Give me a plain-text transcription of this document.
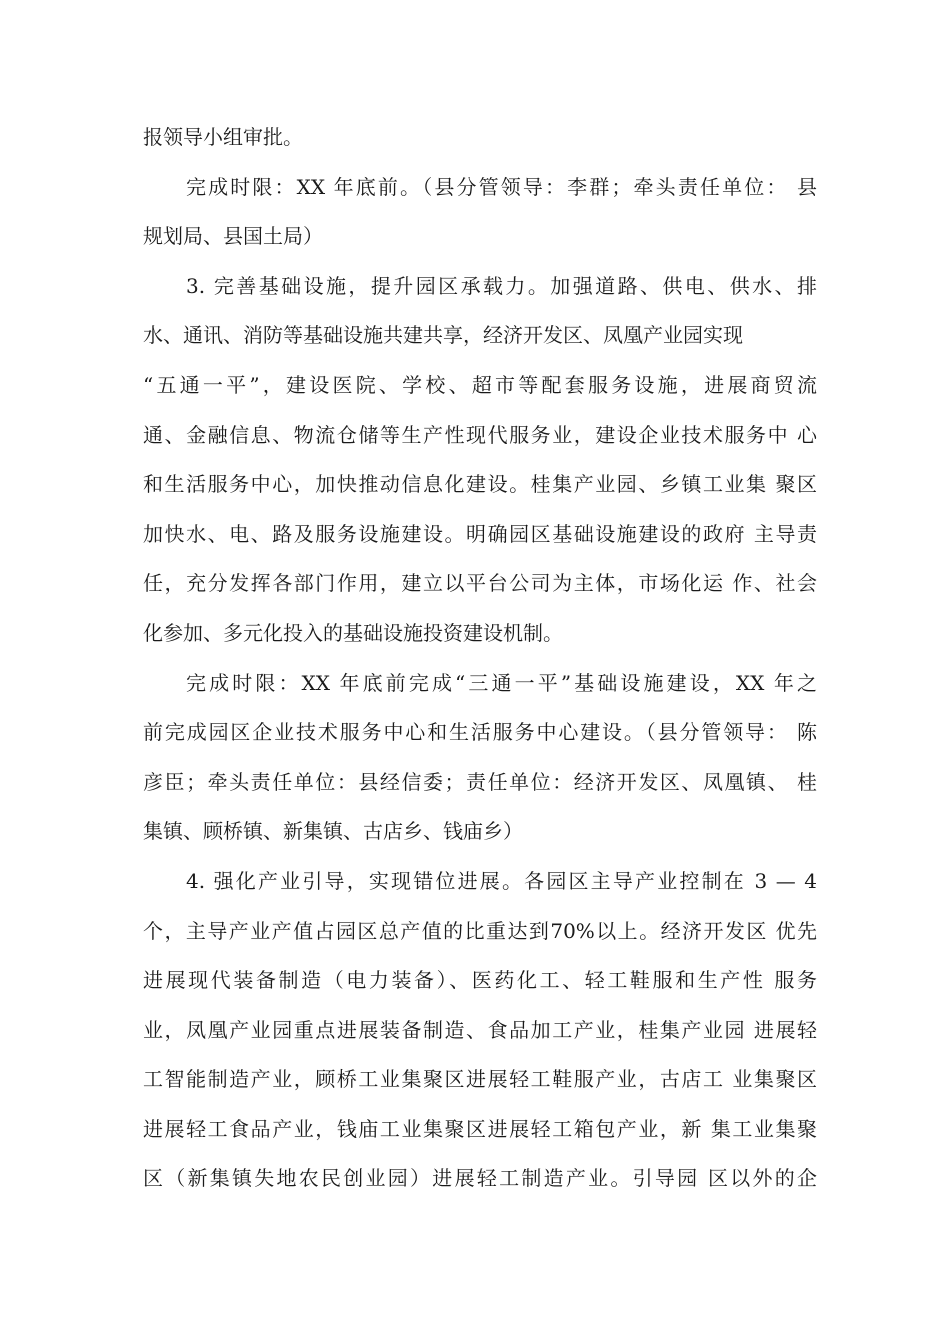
报领导小组审批。
完成时限：XX 年底前。（县分管领导：李群；牵头责任单位： 县
规划局、县国土局）
3. 完善基础设施，提升园区承载力。加强道路、供电、供水、排
水、通讯、消防等基础设施共建共享，经济开发区、凤凰产业园实现
“五通一平”，建设医院、学校、超市等配套服务设施，进展商贸流
通、金融信息、物流仓储等生产性现代服务业，建设企业技术服务中 心
和生活服务中心，加快推动信息化建设。桂集产业园、乡镇工业集 聚区
加快水、电、路及服务设施建设。明确园区基础设施建设的政府 主导责
任，充分发挥各部门作用，建立以平台公司为主体，市场化运 作、社会
化参加、多元化投入的基础设施投资建设机制。
完成时限：XX 年底前完成“三通一平”基础设施建设，XX 年之
前完成园区企业技术服务中心和生活服务中心建设。（县分管领导： 陈
彦臣；牵头责任单位：县经信委；责任单位：经济开发区、凤凰镇、 桂
集镇、顾桥镇、新集镇、古店乡、钱庙乡）
4. 强化产业引导，实现错位进展。各园区主导产业控制在 3 — 4
个，主导产业产值占园区总产值的比重达到70%以上。经济开发区 优先
进展现代装备制造（电力装备）、医药化工、轻工鞋服和生产性 服务
业，凤凰产业园重点进展装备制造、食品加工产业，桂集产业园 进展轻
工智能制造产业，顾桥工业集聚区进展轻工鞋服产业，古店工 业集聚区
进展轻工食品产业，钱庙工业集聚区进展轻工箱包产业，新 集工业集聚
区（新集镇失地农民创业园）进展轻工制造产业。引导园 区以外的企
